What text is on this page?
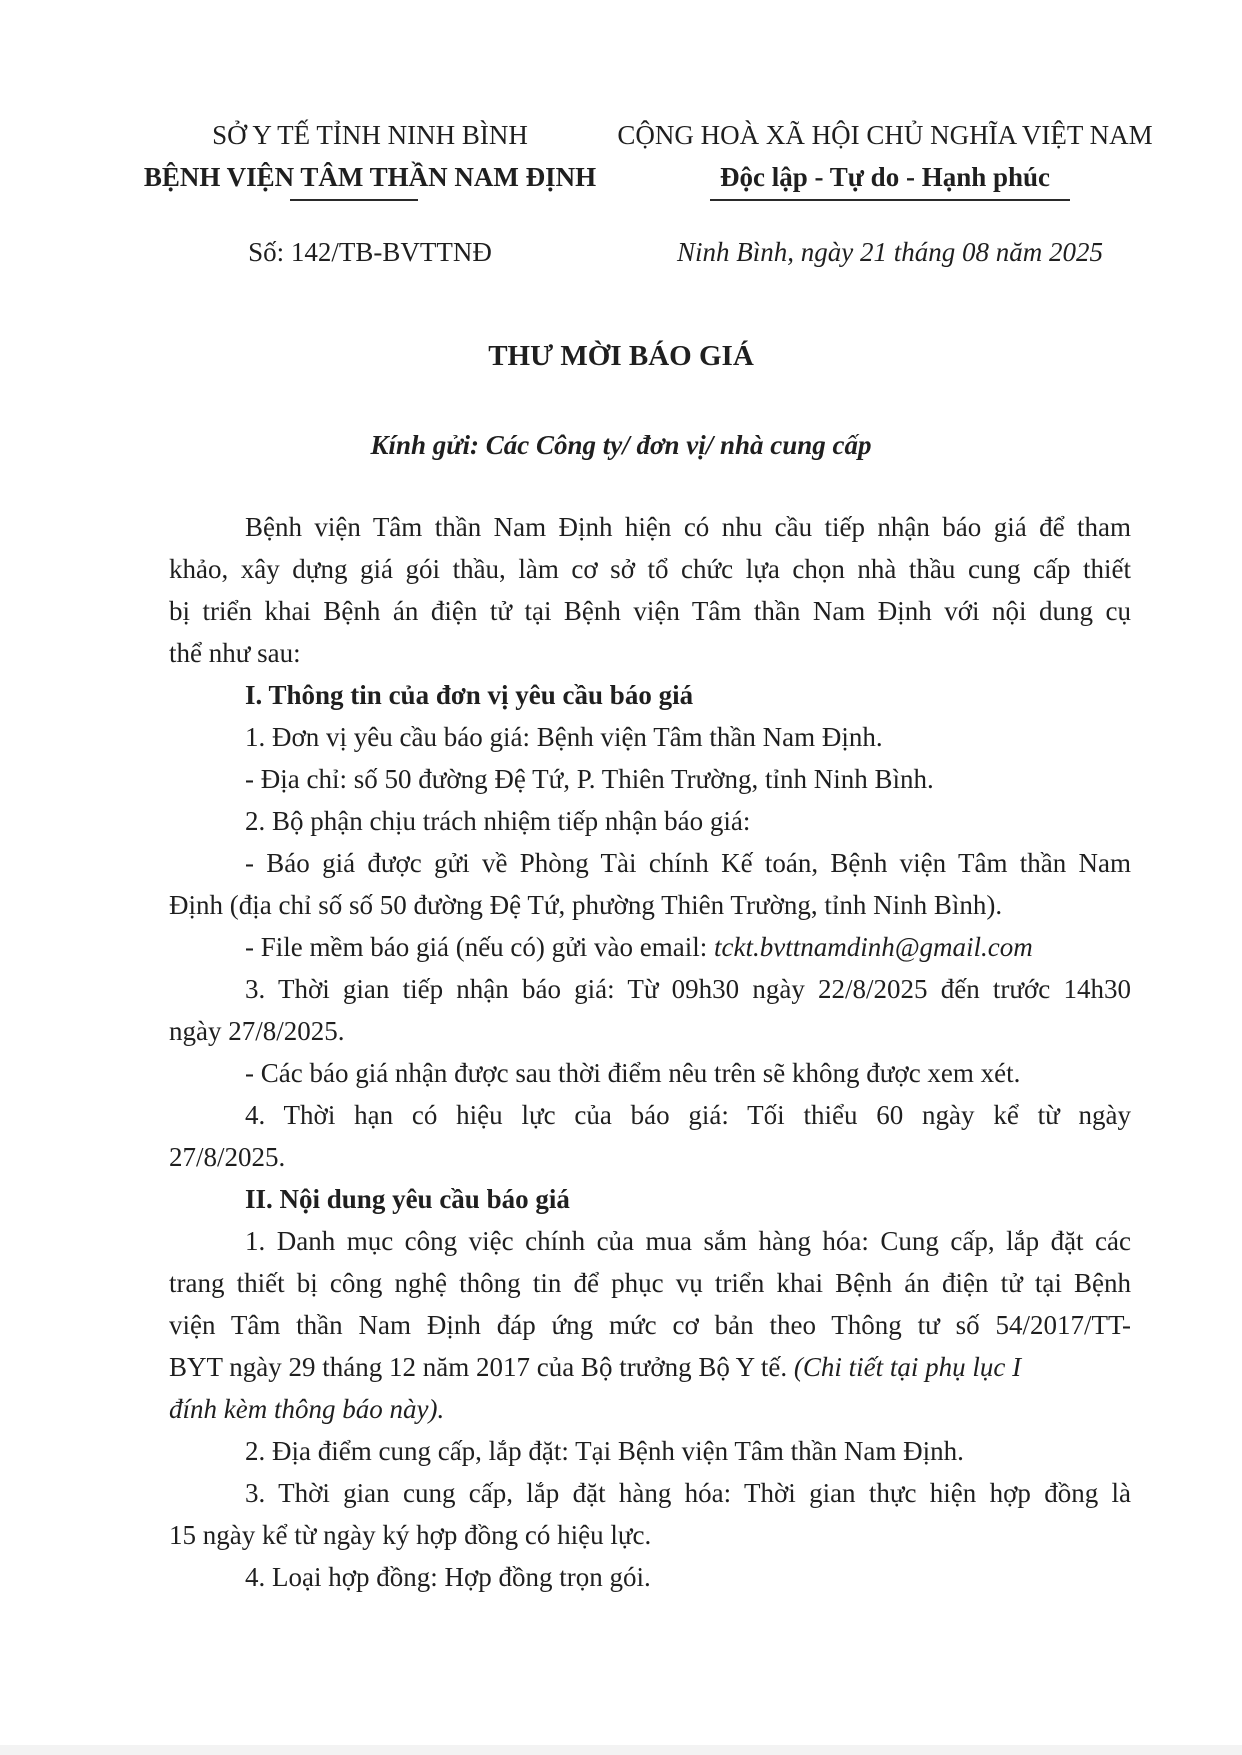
SỞ Y TẾ TỈNH NINH BÌNH
BỆNH VIỆN TÂM THẦN NAM ĐỊNH
CỘNG HOÀ XÃ HỘI CHỦ NGHĨA VIỆT NAM
Độc lập - Tự do - Hạnh phúc
Số: 142/TB-BVTTNĐ	Ninh Bình, ngày 21 tháng 08 năm 2025
THƯ MỜI BÁO GIÁ
Kính gửi: Các Công ty/ đơn vị/ nhà cung cấp
Bệnh viện Tâm thần Nam Định hiện có nhu cầu tiếp nhận báo giá để tham
khảo, xây dựng giá gói thầu, làm cơ sở tổ chức lựa chọn nhà thầu cung cấp thiết
bị triển khai Bệnh án điện tử tại Bệnh viện Tâm thần Nam Định với nội dung cụ
thể như sau:
I. Thông tin của đơn vị yêu cầu báo giá
1. Đơn vị yêu cầu báo giá: Bệnh viện Tâm thần Nam Định.
- Địa chỉ: số 50 đường Đệ Tứ, P. Thiên Trường, tỉnh Ninh Bình.
2. Bộ phận chịu trách nhiệm tiếp nhận báo giá:
- Báo giá được gửi về Phòng Tài chính Kế toán, Bệnh viện Tâm thần Nam
Định (địa chỉ số số 50 đường Đệ Tứ, phường Thiên Trường, tỉnh Ninh Bình).
- File mềm báo giá (nếu có) gửi vào email: tckt.bvttnamdinh@gmail.com
3. Thời gian tiếp nhận báo giá: Từ 09h30 ngày 22/8/2025 đến trước 14h30
ngày 27/8/2025.
- Các báo giá nhận được sau thời điểm nêu trên sẽ không được xem xét.
4. Thời hạn có hiệu lực của báo giá: Tối thiểu 60 ngày kể từ ngày
27/8/2025.
II. Nội dung yêu cầu báo giá
1. Danh mục công việc chính của mua sắm hàng hóa: Cung cấp, lắp đặt các
trang thiết bị công nghệ thông tin để phục vụ triển khai Bệnh án điện tử tại Bệnh
viện Tâm thần Nam Định đáp ứng mức cơ bản theo Thông tư số 54/2017/TT-
BYT ngày 29 tháng 12 năm 2017 của Bộ trưởng Bộ Y tế. (Chi tiết tại phụ lục I
đính kèm thông báo này).
2. Địa điểm cung cấp, lắp đặt: Tại Bệnh viện Tâm thần Nam Định.
3. Thời gian cung cấp, lắp đặt hàng hóa: Thời gian thực hiện hợp đồng là
15 ngày kể từ ngày ký hợp đồng có hiệu lực.
4. Loại hợp đồng: Hợp đồng trọn gói.
